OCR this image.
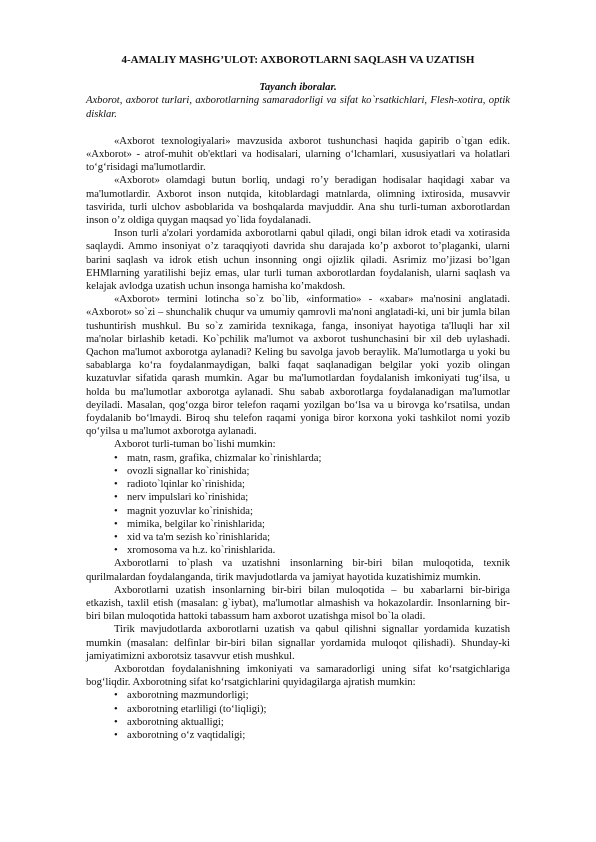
4-AMALIY MASHG’ULOT: AXBOROTLARNI SAQLASH VA UZATISH

Tayanch iboralar.

Axborot, axborot turlari, axborotlarning samaradorligi va sifat ko`rsatkichlari, Flesh-xotira, optik disklar.

«Axborot texnologiyalari» mavzusida axborot tushunchasi haqida gapirib o`tgan edik. «Axborot» - atrof-muhit ob'ektlari va hodisalari, ularning o‘lchamlari, xususiyatlari va holatlari to‘g‘risidagi ma'lumotlardir.

«Axborot» olamdagi butun borliq, undagi ro’y beradigan hodisalar haqidagi xabar va ma'lumotlardir. Axborot inson nutqida, kitoblardagi matnlarda, olimning ixtirosida, musavvir tasvirida, turli ulchov asboblarida va boshqalarda mavjuddir. Ana shu turli-tuman axborotlardan inson o’z oldiga quygan maqsad yo`lida foydalanadi.

Inson turli a'zolari yordamida axborotlarni qabul qiladi, ongi bilan idrok etadi va xotirasida saqlaydi. Ammo insoniyat o’z taraqqiyoti davrida shu darajada ko’p axborot to’plaganki, ularni barini saqlash va idrok etish uchun insonning ongi ojizlik qiladi. Asrimiz mo’jizasi bo’lgan EHMlarning yaratilishi bejiz emas, ular turli tuman axborotlardan foydalanish, ularni saqlash va kelajak avlodga uzatish uchun insonga hamisha ko’makdosh.

«Axborot» termini lotincha so`z bo`lib, «informatio» - «xabar» ma'nosini anglatadi. «Axborot» so`zi – shunchalik chuqur va umumiy qamrovli ma'noni anglatadi-ki, uni bir jumla bilan tushuntirish mushkul. Bu so`z zamirida texnikaga, fanga, insoniyat hayotiga ta'lluqli har xil ma'nolar birlashib ketadi. Ko`pchilik ma'lumot va axborot tushunchasini bir xil deb uylashadi. Qachon ma'lumot axborotga aylanadi? Keling bu savolga javob beraylik. Ma'lumotlarga u yoki bu sabablarga ko‘ra foydalanmaydigan, balki faqat saqlanadigan belgilar yoki yozib olingan kuzatuvlar sifatida qarash mumkin. Agar bu ma'lumotlardan foydalanish imkoniyati tug‘ilsa, u holda bu ma'lumotlar axborotga aylanadi. Shu sabab axborotlarga foydalanadigan ma'lumotlar deyiladi. Masalan, qog‘ozga biror telefon raqami yozilgan bo‘lsa va u birovga ko‘rsatilsa, undan foydalanib bo‘lmaydi. Biroq shu telefon raqami yoniga biror korxona yoki tashkilot nomi yozib qo‘yilsa u ma'lumot axborotga aylanadi.

Axborot turli-tuman bo`lishi mumkin:

• matn, rasm, grafika, chizmalar ko`rinishlarda;
• ovozli signallar ko`rinishida;
• radioto`lqinlar ko`rinishida;
• nerv impulslari ko`rinishida;
• magnit yozuvlar ko`rinishida;
• mimika, belgilar ko`rinishlarida;
• xid va ta'm sezish ko`rinishlarida;
• xromosoma va h.z. ko`rinishlarida.

Axborotlarni to`plash va uzatishni insonlarning bir-biri bilan muloqotida, texnik qurilmalardan foydalanganda, tirik mavjudotlarda va jamiyat hayotida kuzatishimiz mumkin.

Axborotlarni uzatish insonlarning bir-biri bilan muloqotida – bu xabarlarni bir-biriga etkazish, taxlil etish (masalan: g`iybat), ma'lumotlar almashish va hokazolardir. Insonlarning bir-biri bilan muloqotida hattoki tabassum ham axborot uzatishga misol bo`la oladi.

Tirik mavjudotlarda axborotlarni uzatish va qabul qilishni signallar yordamida kuzatish mumkin (masalan: delfinlar bir-biri bilan signallar yordamida muloqot qilishadi). Shunday-ki jamiyatimizni axborotsiz tasavvur etish mushkul.

Axborotdan foydalanishning imkoniyati va samaradorligi uning sifat ko‘rsatgichlariga bog‘liqdir. Axborotning sifat ko‘rsatgichlarini quyidagilarga ajratish mumkin:

• axborotning mazmundorligi;
• axborotning etarliligi (to‘liqligi);
• axborotning aktualligi;
• axborotning o‘z vaqtidaligi;
